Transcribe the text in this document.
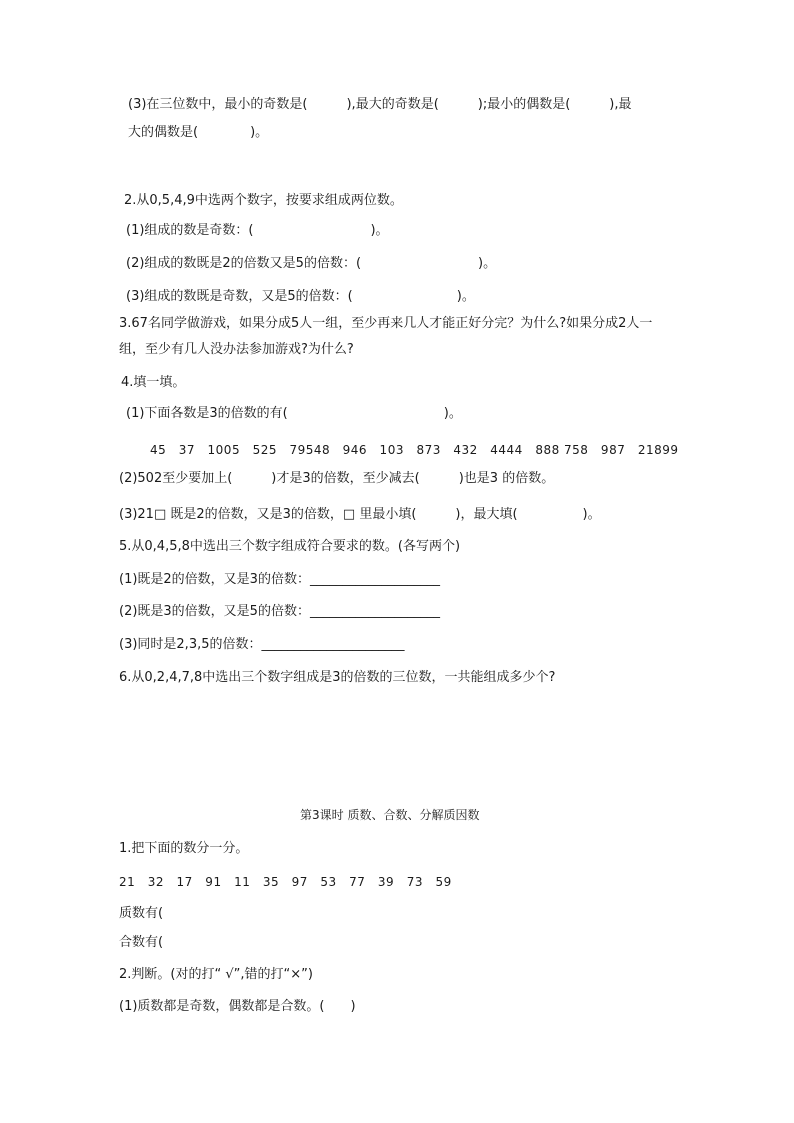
(3)在三位数中，最小的奇数是(　　　),最大的奇数是(　　　);最小的偶数是(　　　),最
大的偶数是(　　　　)。
2.从0,5,4,9中选两个数字，按要求组成两位数。
(1)组成的数是奇数：(　　　　　　　　　)。
(2)组成的数既是2的倍数又是5的倍数：(　　　　　　　　　)。
(3)组成的数既是奇数，又是5的倍数：(　　　　　　　　)。
3.67名同学做游戏，如果分成5人一组，至少再来几人才能正好分完？为什么?如果分成2人一
组，至少有几人没办法参加游戏?为什么?
4.填一填。
(1)下面各数是3的倍数的有(　　　　　　　　　　　　)。
45　37　1005　525　79548　946　103　873　432　4444　888 758　987　21899
(2)502至少要加上(　　　)才是3的倍数，至少减去(　　　)也是3 的倍数。
(3)21□ 既是2的倍数，又是3的倍数，□ 里最小填(　　　)，最大填(　　　　　)。
5.从0,4,5,8中选出三个数字组成符合要求的数。(各写两个)
(1)既是2的倍数，又是3的倍数：____________________
(2)既是3的倍数，又是5的倍数：____________________
(3)同时是2,3,5的倍数：______________________
6.从0,2,4,7,8中选出三个数字组成是3的倍数的三位数，一共能组成多少个?
第3课时 质数、合数、分解质因数
1.把下面的数分一分。
21　32　17　91　11　35　97　53　77　39　73　59
质数有(
合数有(
2.判断。(对的打“ √”,错的打“×”)
(1)质数都是奇数，偶数都是合数。(　　)
